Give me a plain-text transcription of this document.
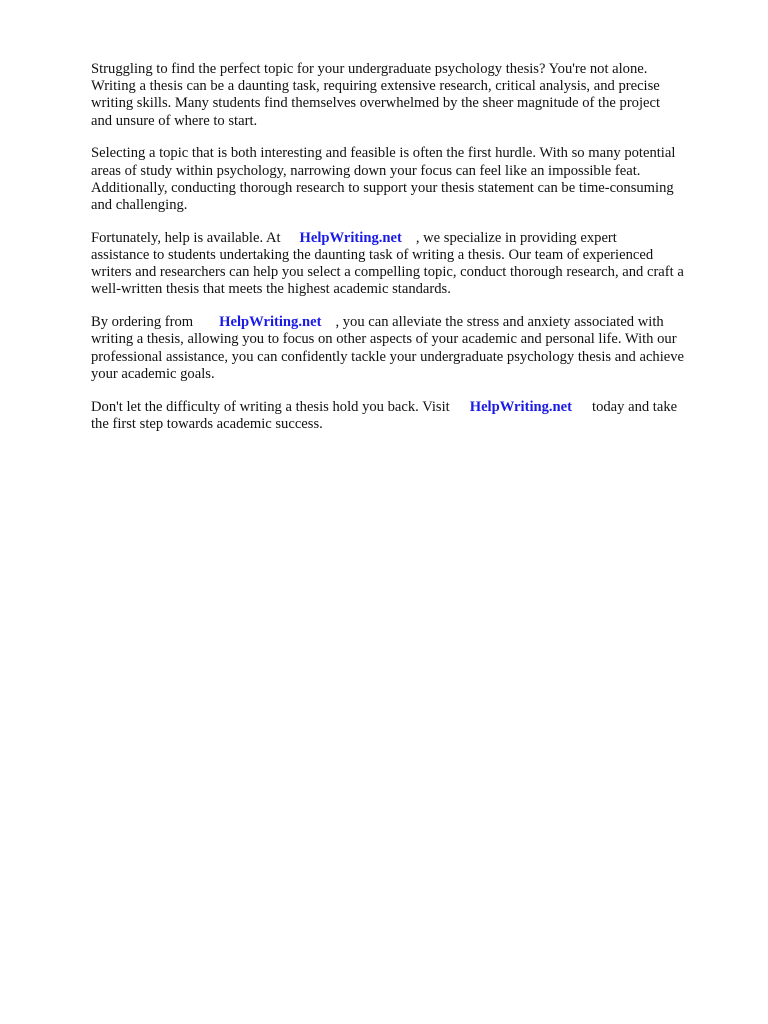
Struggling to find the perfect topic for your undergraduate psychology thesis? You're not alone.
Writing a thesis can be a daunting task, requiring extensive research, critical analysis, and precise
writing skills. Many students find themselves overwhelmed by the sheer magnitude of the project
and unsure of where to start.

Selecting a topic that is both interesting and feasible is often the first hurdle. With so many potential
areas of study within psychology, narrowing down your focus can feel like an impossible feat.
Additionally, conducting thorough research to support your thesis statement can be time-consuming
and challenging.

Fortunately, help is available. At HelpWriting.net , we specialize in providing expert
assistance to students undertaking the daunting task of writing a thesis. Our team of experienced
writers and researchers can help you select a compelling topic, conduct thorough research, and craft a
well-written thesis that meets the highest academic standards.

By ordering from HelpWriting.net , you can alleviate the stress and anxiety associated with
writing a thesis, allowing you to focus on other aspects of your academic and personal life. With our
professional assistance, you can confidently tackle your undergraduate psychology thesis and achieve
your academic goals.

Don't let the difficulty of writing a thesis hold you back. Visit HelpWriting.net today and take
the first step towards academic success.
